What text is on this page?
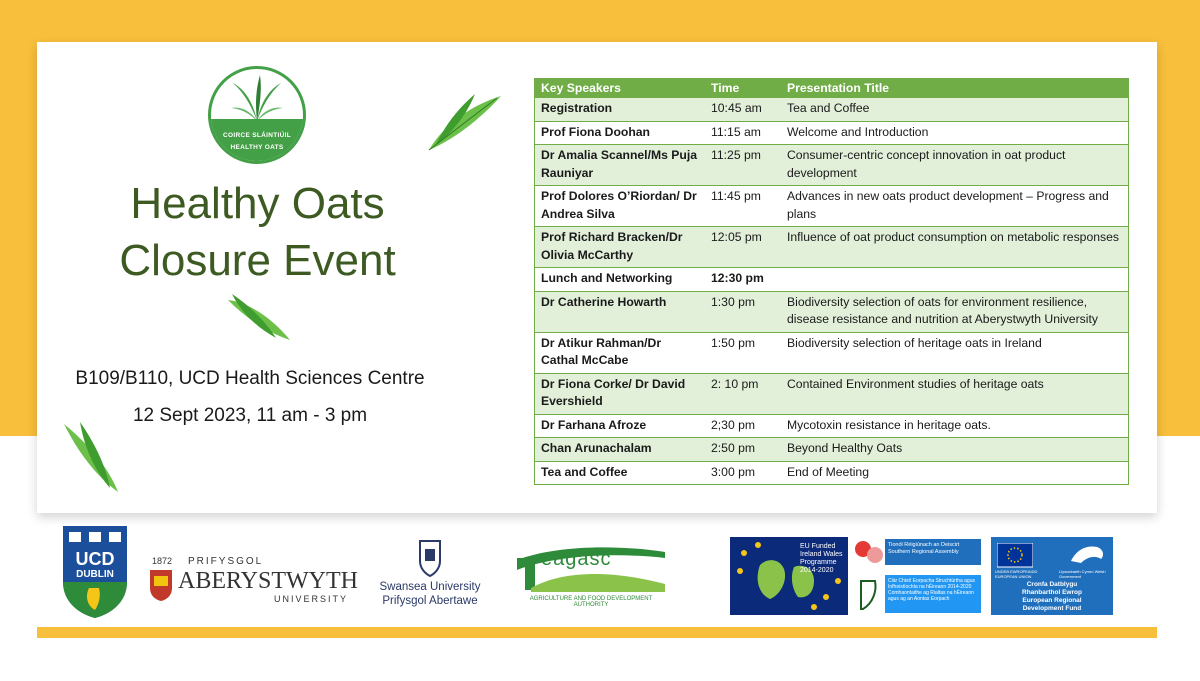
COIRCE SLÁINTIÚIL
HEALTHY OATS
Healthy Oats
Closure Event
B109/B110, UCD Health Sciences Centre
12 Sept 2023, 11 am - 3 pm
Key Speakers	Time	Presentation Title
Registration	10:45 am	Tea and Coffee
Prof Fiona Doohan	11:15 am	Welcome and Introduction
Dr Amalia Scannel/Ms Puja Rauniyar	11:25 pm	Consumer-centric concept innovation in oat product development
Prof Dolores O’Riordan/ Dr Andrea Silva	11:45 pm	Advances in new oats product development – Progress and plans
Prof Richard Bracken/Dr Olivia McCarthy	12:05 pm	Influence of oat product consumption on metabolic responses
Lunch and Networking	12:30 pm	
Dr Catherine Howarth	1:30 pm	Biodiversity selection of oats for environment resilience, disease resistance and nutrition at Aberystwyth University
Dr Atikur Rahman/Dr Cathal McCabe	1:50 pm	Biodiversity selection of heritage oats in Ireland
Dr Fiona Corke/ Dr David Evershield	2: 10 pm	Contained Environment studies of heritage oats
Dr Farhana Afroze	2;30 pm	Mycotoxin resistance in heritage oats.
Chan Arunachalam	2:50 pm	Beyond Healthy Oats
Tea and Coffee	3:00 pm	End of Meeting
UCD
DUBLIN
1872 PRIFYSGOL
ABERYSTWYTH
UNIVERSITY
Swansea University
Prifysgol Abertawe
eagasc
AGRICULTURE AND FOOD DEVELOPMENT AUTHORITY
EU Funded
Ireland Wales
Programme
2014-2020
Tionól Réigiúnach an Deiscirt
Southern Regional Assembly
Clár Chistí Eorpacha Struchtúrtha agus Infheistíochta na hÉireann 2014-2020
Comhaontaithe ag Rialtas na hÉireann agus ag an Aontas Eorpach
UNDEB EWROPEAIDD EUROPEAN UNION
Llywodraeth Cymru Welsh Government
Cronfa Datblygu
Rhanbarthol Ewrop
European Regional
Development Fund
